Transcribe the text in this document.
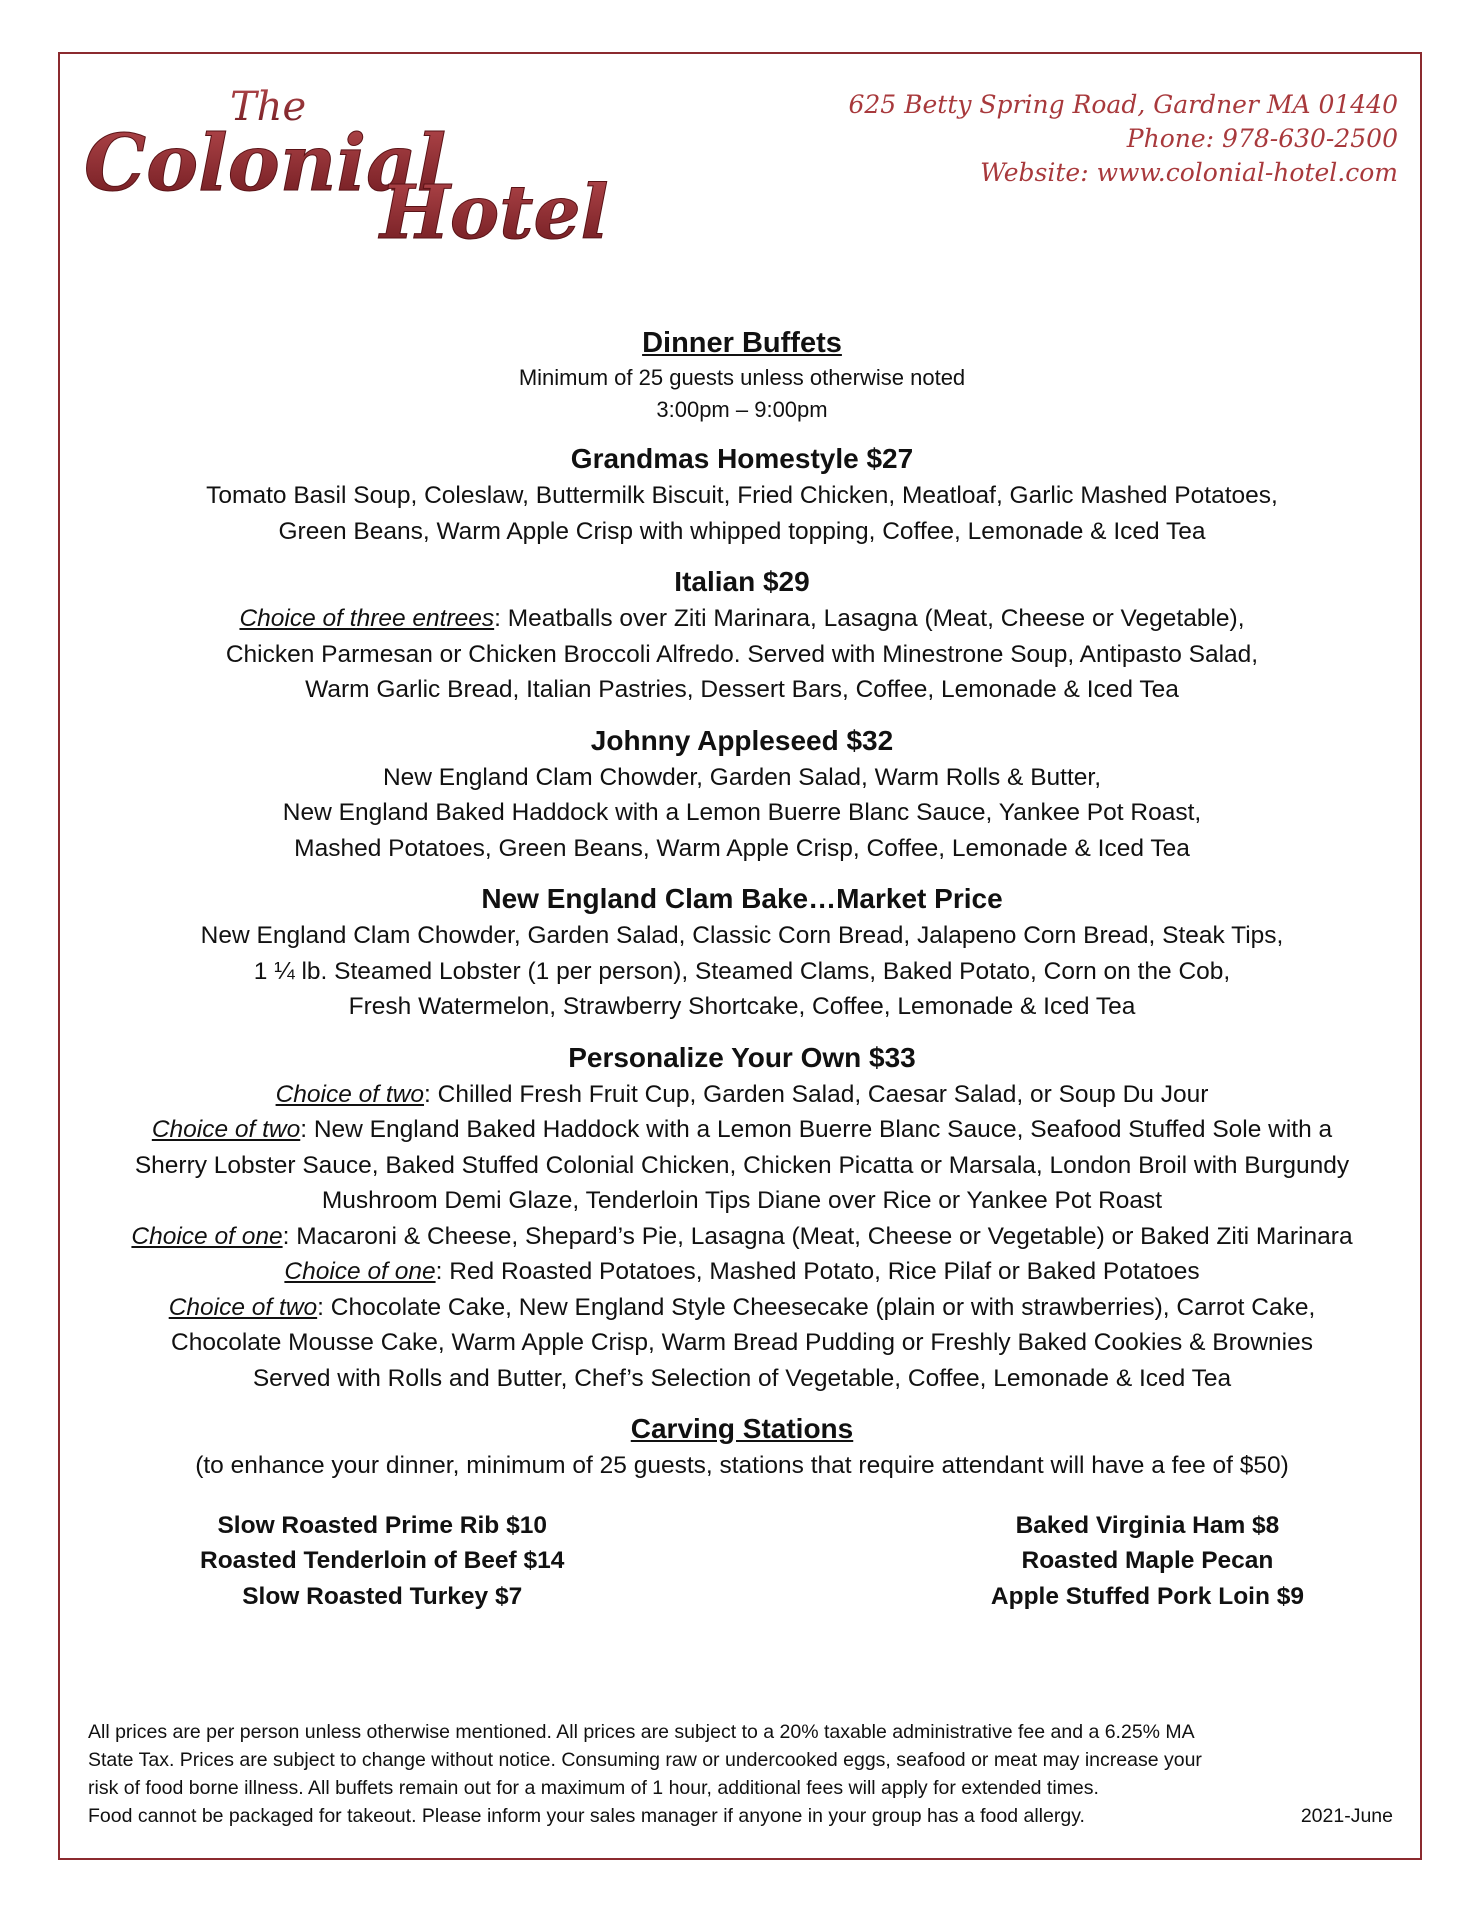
The
Colonial
Hotel
625 Betty Spring Road, Gardner MA 01440
Phone: 978-630-2500
Website: www.colonial-hotel.com
Dinner Buffets

Minimum of 25 guests unless otherwise noted

3:00pm – 9:00pm

Grandmas Homestyle $27

Tomato Basil Soup, Coleslaw, Buttermilk Biscuit, Fried Chicken, Meatloaf, Garlic Mashed Potatoes,

Green Beans, Warm Apple Crisp with whipped topping, Coffee, Lemonade & Iced Tea

Italian $29

Choice of three entrees: Meatballs over Ziti Marinara, Lasagna (Meat, Cheese or Vegetable),

Chicken Parmesan or Chicken Broccoli Alfredo. Served with Minestrone Soup, Antipasto Salad,

Warm Garlic Bread, Italian Pastries, Dessert Bars, Coffee, Lemonade & Iced Tea

Johnny Appleseed $32

New England Clam Chowder, Garden Salad, Warm Rolls & Butter,

New England Baked Haddock with a Lemon Buerre Blanc Sauce, Yankee Pot Roast,

Mashed Potatoes, Green Beans, Warm Apple Crisp, Coffee, Lemonade & Iced Tea

New England Clam Bake…Market Price

New England Clam Chowder, Garden Salad, Classic Corn Bread, Jalapeno Corn Bread, Steak Tips,

1 ¼ lb. Steamed Lobster (1 per person), Steamed Clams, Baked Potato, Corn on the Cob,

Fresh Watermelon, Strawberry Shortcake, Coffee, Lemonade & Iced Tea

Personalize Your Own $33

Choice of two: Chilled Fresh Fruit Cup, Garden Salad, Caesar Salad, or Soup Du Jour

Choice of two: New England Baked Haddock with a Lemon Buerre Blanc Sauce, Seafood Stuffed Sole with a

Sherry Lobster Sauce, Baked Stuffed Colonial Chicken, Chicken Picatta or Marsala, London Broil with Burgundy

Mushroom Demi Glaze, Tenderloin Tips Diane over Rice or Yankee Pot Roast

Choice of one: Macaroni & Cheese, Shepard’s Pie, Lasagna (Meat, Cheese or Vegetable) or Baked Ziti Marinara

Choice of one: Red Roasted Potatoes, Mashed Potato, Rice Pilaf or Baked Potatoes

Choice of two: Chocolate Cake, New England Style Cheesecake (plain or with strawberries), Carrot Cake,

Chocolate Mousse Cake, Warm Apple Crisp, Warm Bread Pudding or Freshly Baked Cookies & Brownies

Served with Rolls and Butter, Chef’s Selection of Vegetable, Coffee, Lemonade & Iced Tea

Carving Stations

(to enhance your dinner, minimum of 25 guests, stations that require attendant will have a fee of $50)

Slow Roasted Prime Rib $10
Roasted Tenderloin of Beef $14
Slow Roasted Turkey $7
Baked Virginia Ham $8
Roasted Maple Pecan
Apple Stuffed Pork Loin $9
All prices are per person unless otherwise mentioned. All prices are subject to a 20% taxable administrative fee and a 6.25% MA
State Tax. Prices are subject to change without notice. Consuming raw or undercooked eggs, seafood or meat may increase your
risk of food borne illness. All buffets remain out for a maximum of 1 hour, additional fees will apply for extended times.
Food cannot be packaged for takeout. Please inform your sales manager if anyone in your group has a food allergy.	2021-June
